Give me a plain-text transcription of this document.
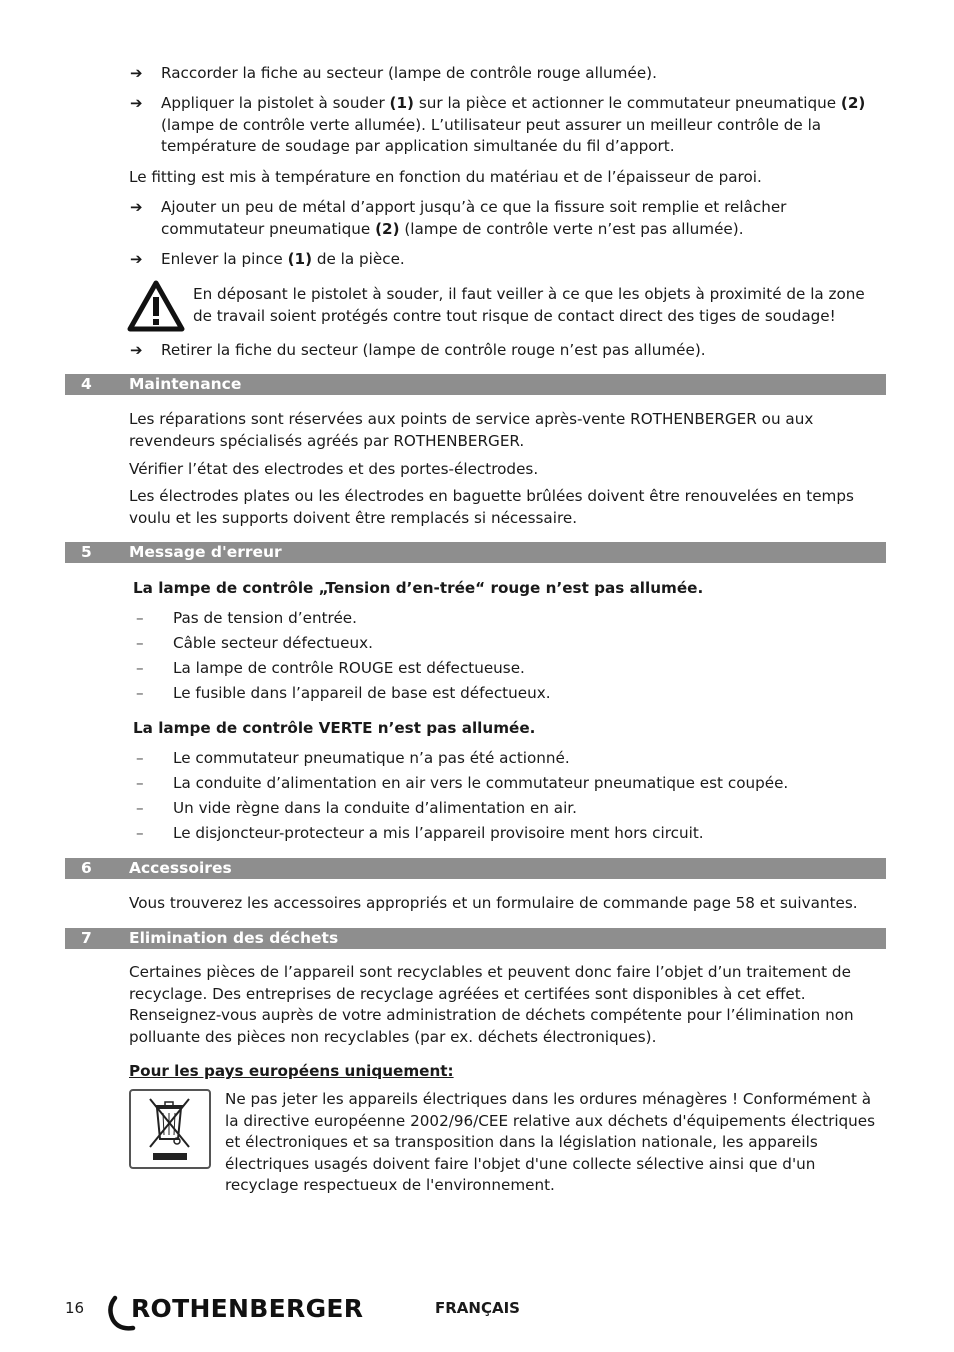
➔ Raccorder la fiche au secteur (lampe de contrôle rouge allumée).
➔ Appliquer la pistolet à souder (1) sur la pièce et actionner le commutateur pneumatique (2)
(lampe de contrôle verte allumée). L’utilisateur peut assurer un meilleur contrôle de la
température de soudage par application simultanée du fil d’apport.
Le fitting est mis à température en fonction du matériau et de l’épaisseur de paroi.
➔ Ajouter un peu de métal d’apport jusqu’à ce que la fissure soit remplie et relâcher
commutateur pneumatique (2) (lampe de contrôle verte n’est pas allumée).
➔ Enlever la pince (1) de la pièce.
En déposant le pistolet à souder, il faut veiller à ce que les objets à proximité de la zone
de travail soient protégés contre tout risque de contact direct des tiges de soudage!
➔ Retirer la fiche du secteur (lampe de contrôle rouge n’est pas allumée).
4 Maintenance
Les réparations sont réservées aux points de service après-vente ROTHENBERGER ou aux
revendeurs spécialisés agréés par ROTHENBERGER.
Vérifier l’état des electrodes et des portes-électrodes.
Les électrodes plates ou les électrodes en baguette brûlées doivent être renouvelées en temps
voulu et les supports doivent être remplacés si nécessaire.
5 Message d'erreur
La lampe de contrôle „Tension d’en-trée“ rouge n’est pas allumée.
– Pas de tension d’entrée.
– Câble secteur défectueux.
– La lampe de contrôle ROUGE est défectueuse.
– Le fusible dans l’appareil de base est défectueux.
La lampe de contrôle VERTE n’est pas allumée.
– Le commutateur pneumatique n’a pas été actionné.
– La conduite d’alimentation en air vers le commutateur pneumatique est coupée.
– Un vide règne dans la conduite d’alimentation en air.
– Le disjoncteur-protecteur a mis l’appareil provisoire ment hors circuit.
6 Accessoires
Vous trouverez les accessoires appropriés et un formulaire de commande page 58 et suivantes.
7 Elimination des déchets
Certaines pièces de l’appareil sont recyclables et peuvent donc faire l’objet d’un traitement de
recyclage. Des entreprises de recyclage agréées et certifées sont disponibles à cet effet.
Renseignez-vous auprès de votre administration de déchets compétente pour l’élimination non
polluante des pièces non recyclables (par ex. déchets électroniques).
Pour les pays européens uniquement:
Ne pas jeter les appareils électriques dans les ordures ménagères ! Conformément à
la directive européenne 2002/96/CEE relative aux déchets d'équipements électriques
et électroniques et sa transposition dans la législation nationale, les appareils
électriques usagés doivent faire l'objet d'une collecte sélective ainsi que d'un
recyclage respectueux de l'environnement.
16 ROTHENBERGER	FRANÇAIS
